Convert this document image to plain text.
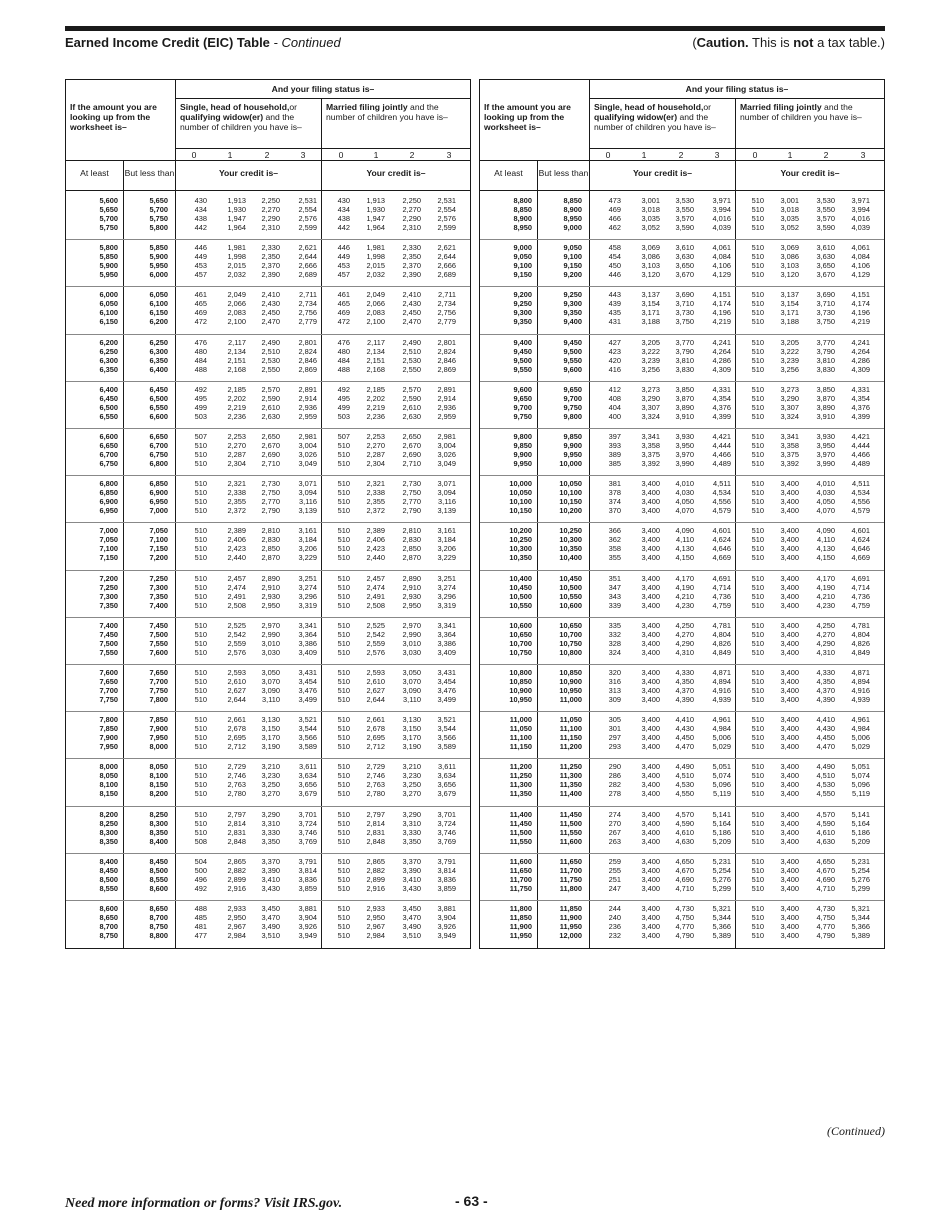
Earned Income Credit (EIC) Table - Continued	(Caution. This is not a tax table.)
And your filing status is–
If the amount you are looking up from the worksheet is–
Single, head of household,or qualifying widow(er) and the number of children you have is–
Married filing jointly and the number of children you have is–
0	1	2	3	0	1	2	3
At least	But less than	Your credit is–	Your credit is–
5,600	5,650	430	1,913 2,250	2,531	430 1,913 2,250 2,531
5,650	5,700	434	1,930 2,270	2,554	434 1,930 2,270 2,554
5,700	5,750	438	1,947 2,290	2,576	438 1,947 2,290 2,576
5,750	5,800	442	1,964 2,310	2,599	442 1,964 2,310 2,599
5,800	5,850	446	1,981 2,330	2,621	446 1,981 2,330 2,621
5,850	5,900	449	1,998 2,350	2,644	449 1,998 2,350 2,644
5,900	5,950	453	2,015 2,370	2,666	453 2,015 2,370 2,666
5,950	6,000	457	2,032 2,390	2,689	457 2,032 2,390 2,689
6,000	6,050	461	2,049 2,410	2,711	461 2,049 2,410 2,711
6,050	6,100	465	2,066 2,430	2,734	465 2,066 2,430 2,734
6,100	6,150	469	2,083 2,450	2,756	469 2,083 2,450 2,756
6,150	6,200	472	2,100 2,470	2,779	472 2,100 2,470 2,779
6,200	6,250	476	2,117 2,490	2,801	476 2,117 2,490 2,801
6,250	6,300	480	2,134 2,510	2,824	480 2,134 2,510 2,824
6,300	6,350	484	2,151 2,530	2,846	484 2,151 2,530 2,846
6,350	6,400	488	2,168 2,550	2,869	488 2,168 2,550 2,869
6,400	6,450	492	2,185 2,570	2,891	492 2,185 2,570 2,891
6,450	6,500	495	2,202 2,590	2,914	495 2,202 2,590 2,914
6,500	6,550	499	2,219 2,610	2,936	499 2,219 2,610 2,936
6,550	6,600	503	2,236 2,630	2,959	503 2,236 2,630 2,959
6,600	6,650	507	2,253 2,650	2,981	507 2,253 2,650 2,981
6,650	6,700	510	2,270 2,670	3,004	510 2,270 2,670 3,004
6,700	6,750	510	2,287 2,690	3,026	510 2,287 2,690 3,026
6,750	6,800	510	2,304 2,710	3,049	510 2,304 2,710 3,049
6,800	6,850	510	2,321 2,730	3,071	510 2,321 2,730 3,071
6,850	6,900	510	2,338 2,750	3,094	510 2,338 2,750 3,094
6,900	6,950	510	2,355 2,770	3,116	510 2,355 2,770 3,116
6,950	7,000	510	2,372 2,790	3,139	510 2,372 2,790 3,139
7,000	7,050	510	2,389 2,810	3,161	510 2,389 2,810 3,161
7,050	7,100	510	2,406 2,830	3,184	510 2,406 2,830 3,184
7,100	7,150	510	2,423 2,850	3,206	510 2,423 2,850 3,206
7,150	7,200	510	2,440 2,870	3,229	510 2,440 2,870 3,229
7,200	7,250	510	2,457 2,890	3,251	510 2,457 2,890 3,251
7,250	7,300	510	2,474 2,910	3,274	510 2,474 2,910 3,274
7,300	7,350	510	2,491 2,930	3,296	510 2,491 2,930 3,296
7,350	7,400	510	2,508 2,950	3,319	510 2,508 2,950 3,319
7,400	7,450	510	2,525 2,970	3,341	510 2,525 2,970 3,341
7,450	7,500	510	2,542 2,990	3,364	510 2,542 2,990 3,364
7,500	7,550	510	2,559 3,010	3,386	510 2,559 3,010 3,386
7,550	7,600	510	2,576 3,030	3,409	510 2,576 3,030 3,409
7,600	7,650	510	2,593 3,050	3,431	510 2,593 3,050 3,431
7,650	7,700	510	2,610 3,070	3,454	510 2,610 3,070 3,454
7,700	7,750	510	2,627 3,090	3,476	510 2,627 3,090 3,476
7,750	7,800	510	2,644 3,110	3,499	510 2,644 3,110 3,499
7,800	7,850	510	2,661 3,130	3,521	510 2,661 3,130 3,521
7,850	7,900	510	2,678 3,150	3,544	510 2,678 3,150 3,544
7,900	7,950	510	2,695 3,170	3,566	510 2,695 3,170 3,566
7,950	8,000	510	2,712 3,190	3,589	510 2,712 3,190 3,589
8,000	8,050	510	2,729 3,210	3,611	510 2,729 3,210 3,611
8,050	8,100	510	2,746 3,230	3,634	510 2,746 3,230 3,634
8,100	8,150	510	2,763 3,250	3,656	510 2,763 3,250 3,656
8,150	8,200	510	2,780 3,270	3,679	510 2,780 3,270 3,679
8,200	8,250	510	2,797 3,290	3,701	510 2,797 3,290 3,701
8,250	8,300	510	2,814 3,310	3,724	510 2,814 3,310 3,724
8,300	8,350	510	2,831 3,330	3,746	510 2,831 3,330 3,746
8,350	8,400	508	2,848 3,350	3,769	510 2,848 3,350 3,769
8,400	8,450	504	2,865 3,370	3,791	510 2,865 3,370 3,791
8,450	8,500	500	2,882 3,390	3,814	510 2,882 3,390 3,814
8,500	8,550	496	2,899 3,410	3,836	510 2,899 3,410 3,836
8,550	8,600	492	2,916 3,430	3,859	510 2,916 3,430 3,859
8,600	8,650	488	2,933 3,450	3,881	510 2,933 3,450 3,881
8,650	8,700	485	2,950 3,470	3,904	510 2,950 3,470 3,904
8,700	8,750	481	2,967 3,490	3,926	510 2,967 3,490 3,926
8,750	8,800	477	2,984 3,510	3,949	510 2,984 3,510 3,949
And your filing status is–
If the amount you are looking up from the worksheet is–
Single, head of household,or qualifying widow(er) and the number of children you have is–
Married filing jointly and the number of children you have is–
0	1	2	3	0	1	2	3
At least	But less than	Your credit is–	Your credit is–
8,800	8,850	473	3,001 3,530	3,971	510 3,001 3,530 3,971
8,850	8,900	469	3,018 3,550	3,994	510 3,018 3,550 3,994
8,900	8,950	466	3,035 3,570	4,016	510 3,035 3,570 4,016
8,950	9,000	462	3,052 3,590	4,039	510 3,052 3,590 4,039
9,000	9,050	458	3,069 3,610	4,061	510 3,069 3,610 4,061
9,050	9,100	454	3,086 3,630	4,084	510 3,086 3,630 4,084
9,100	9,150	450	3,103 3,650	4,106	510 3,103 3,650 4,106
9,150	9,200	446	3,120 3,670	4,129	510 3,120 3,670 4,129
9,200	9,250	443	3,137 3,690	4,151	510 3,137 3,690 4,151
9,250	9,300	439	3,154 3,710	4,174	510 3,154 3,710 4,174
9,300	9,350	435	3,171 3,730	4,196	510 3,171 3,730 4,196
9,350	9,400	431	3,188 3,750	4,219	510 3,188 3,750 4,219
9,400	9,450	427	3,205 3,770	4,241	510 3,205 3,770 4,241
9,450	9,500	423	3,222 3,790	4,264	510 3,222 3,790 4,264
9,500	9,550	420	3,239 3,810	4,286	510 3,239 3,810 4,286
9,550	9,600	416	3,256 3,830	4,309	510 3,256 3,830 4,309
9,600	9,650	412	3,273 3,850	4,331	510 3,273 3,850 4,331
9,650	9,700	408	3,290 3,870	4,354	510 3,290 3,870 4,354
9,700	9,750	404	3,307 3,890	4,376	510 3,307 3,890 4,376
9,750	9,800	400	3,324 3,910	4,399	510 3,324 3,910 4,399
9,800	9,850	397	3,341 3,930	4,421	510 3,341 3,930 4,421
9,850	9,900	393	3,358 3,950	4,444	510 3,358 3,950 4,444
9,900	9,950	389	3,375 3,970	4,466	510 3,375 3,970 4,466
9,950	10,000	385	3,392 3,990	4,489	510 3,392 3,990 4,489
10,000	10,050	381	3,400 4,010	4,511	510 3,400 4,010 4,511
10,050	10,100	378	3,400 4,030	4,534	510 3,400 4,030 4,534
10,100	10,150	374	3,400 4,050	4,556	510 3,400 4,050 4,556
10,150	10,200	370	3,400 4,070	4,579	510 3,400 4,070 4,579
10,200	10,250	366	3,400 4,090	4,601	510 3,400 4,090 4,601
10,250	10,300	362	3,400 4,110	4,624	510 3,400 4,110 4,624
10,300	10,350	358	3,400 4,130	4,646	510 3,400 4,130 4,646
10,350	10,400	355	3,400 4,150	4,669	510 3,400 4,150 4,669
10,400	10,450	351	3,400 4,170	4,691	510 3,400 4,170 4,691
10,450	10,500	347	3,400 4,190	4,714	510 3,400 4,190 4,714
10,500	10,550	343	3,400 4,210	4,736	510 3,400 4,210 4,736
10,550	10,600	339	3,400 4,230	4,759	510 3,400 4,230 4,759
10,600	10,650	335	3,400 4,250	4,781	510 3,400 4,250 4,781
10,650	10,700	332	3,400 4,270	4,804	510 3,400 4,270 4,804
10,700	10,750	328	3,400 4,290	4,826	510 3,400 4,290 4,826
10,750	10,800	324	3,400 4,310	4,849	510 3,400 4,310 4,849
10,800	10,850	320	3,400 4,330	4,871	510 3,400 4,330 4,871
10,850	10,900	316	3,400 4,350	4,894	510 3,400 4,350 4,894
10,900	10,950	313	3,400 4,370	4,916	510 3,400 4,370 4,916
10,950	11,000	309	3,400 4,390	4,939	510 3,400 4,390 4,939
11,000	11,050	305	3,400 4,410	4,961	510 3,400 4,410 4,961
11,050	11,100	301	3,400 4,430	4,984	510 3,400 4,430 4,984
11,100	11,150	297	3,400 4,450	5,006	510 3,400 4,450 5,006
11,150	11,200	293	3,400 4,470	5,029	510 3,400 4,470 5,029
11,200	11,250	290	3,400 4,490	5,051	510 3,400 4,490 5,051
11,250	11,300	286	3,400 4,510	5,074	510 3,400 4,510 5,074
11,300	11,350	282	3,400 4,530	5,096	510 3,400 4,530 5,096
11,350	11,400	278	3,400 4,550	5,119	510 3,400 4,550 5,119
11,400	11,450	274	3,400 4,570	5,141	510 3,400 4,570 5,141
11,450	11,500	270	3,400 4,590	5,164	510 3,400 4,590 5,164
11,500	11,550	267	3,400 4,610	5,186	510 3,400 4,610 5,186
11,550	11,600	263	3,400 4,630	5,209	510 3,400 4,630 5,209
11,600	11,650	259	3,400 4,650	5,231	510 3,400 4,650 5,231
11,650	11,700	255	3,400 4,670	5,254	510 3,400 4,670 5,254
11,700	11,750	251	3,400 4,690	5,276	510 3,400 4,690 5,276
11,750	11,800	247	3,400 4,710	5,299	510 3,400 4,710 5,299
11,800	11,850	244	3,400 4,730	5,321	510 3,400 4,730 5,321
11,850	11,900	240	3,400 4,750	5,344	510 3,400 4,750 5,344
11,900	11,950	236	3,400 4,770	5,366	510 3,400 4,770 5,366
11,950	12,000	232	3,400 4,790	5,389	510 3,400 4,790 5,389
(Continued)
Need more information or forms? Visit IRS.gov.	- 63 -
